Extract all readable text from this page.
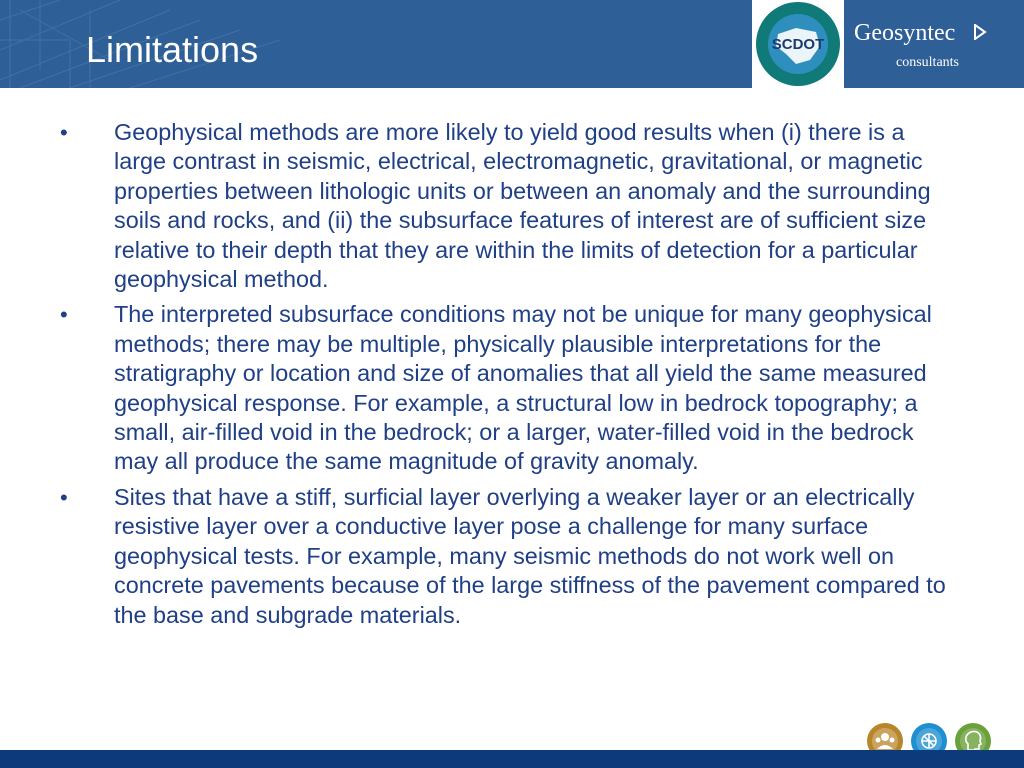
Limitations	SCDOT Geosyntec
consultants
• Geophysical methods are more likely to yield good results when (i) there is a large contrast in seismic, electrical, electromagnetic, gravitational, or magnetic properties between lithologic units or between an anomaly and the surrounding soils and rocks, and (ii) the subsurface features of interest are of sufficient size relative to their depth that they are within the limits of detection for a particular geophysical method.
• The interpreted subsurface conditions may not be unique for many geophysical methods; there may be multiple, physically plausible interpretations for the stratigraphy or location and size of anomalies that all yield the same measured geophysical response. For example, a structural low in bedrock topography; a small, air-filled void in the bedrock; or a larger, water-filled void in the bedrock may all produce the same magnitude of gravity anomaly.
• Sites that have a stiff, surficial layer overlying a weaker layer or an electrically resistive layer over a conductive layer pose a challenge for many surface geophysical tests. For example, many seismic methods do not work well on concrete pavements because of the large stiffness of the pavement compared to the base and subgrade materials.
